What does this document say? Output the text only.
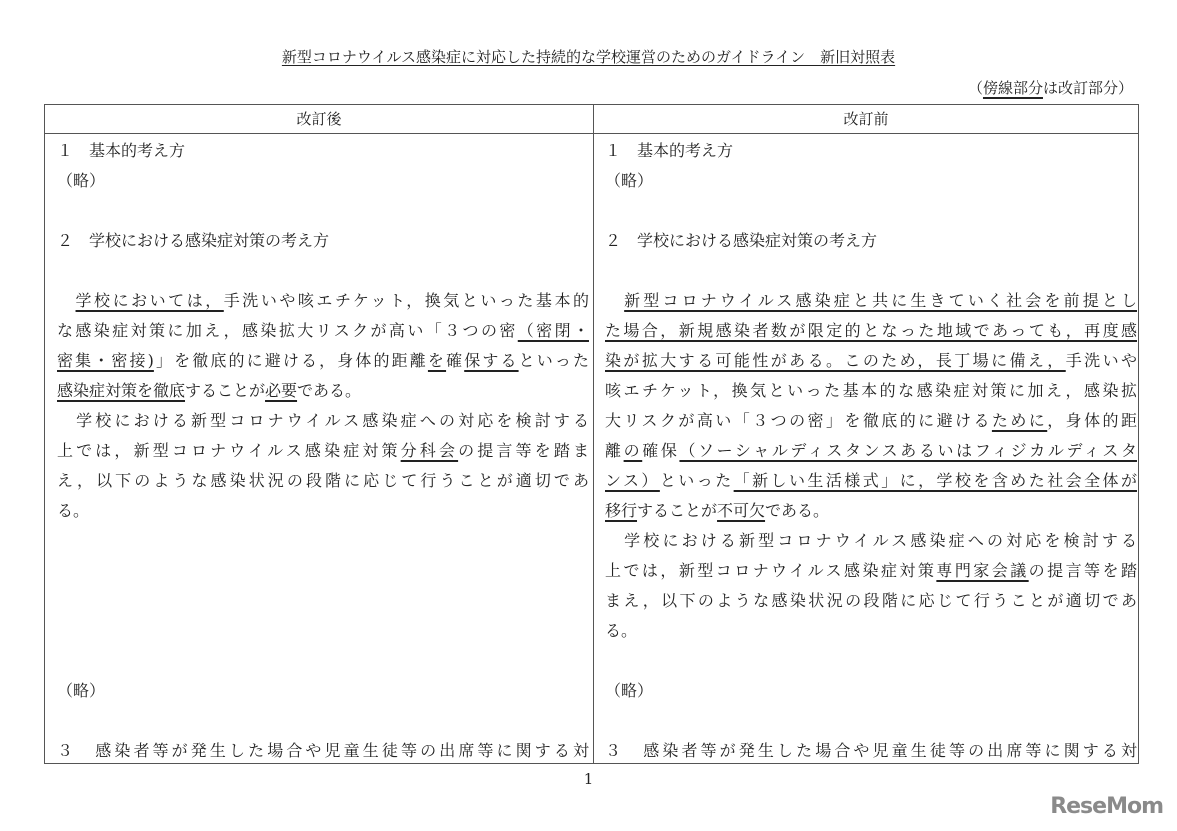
新型コロナウイルス感染症に対応した持続的な学校運営のためのガイドライン　新旧対照表
（傍線部分は改訂部分）
改訂後	改訂前
１　基本的考え方
（略）
２　学校における感染症対策の考え方
　学校においては，手洗いや咳エチケット，換気といった基本的
な感染症対策に加え，感染拡大リスクが高い「３つの密（密閉・
密集・密接)」を徹底的に避ける，身体的距離を確保するといった
感染症対策を徹底することが必要である。
　学校における新型コロナウイルス感染症への対応を検討する
上では，新型コロナウイルス感染症対策分科会の提言等を踏ま
え，以下のような感染状況の段階に応じて行うことが適切であ
る。
（略）
３　感染者等が発生した場合や児童生徒等の出席等に関する対
１　基本的考え方
（略）
２　学校における感染症対策の考え方
　新型コロナウイルス感染症と共に生きていく社会を前提とし
た場合，新規感染者数が限定的となった地域であっても，再度感
染が拡大する可能性がある。このため，長丁場に備え，手洗いや
咳エチケット，換気といった基本的な感染症対策に加え，感染拡
大リスクが高い「３つの密」を徹底的に避けるために，身体的距
離の確保（ソーシャルディスタンスあるいはフィジカルディスタ
ンス）といった「新しい生活様式」に，学校を含めた社会全体が
移行することが不可欠である。
　学校における新型コロナウイルス感染症への対応を検討する
上では，新型コロナウイルス感染症対策専門家会議の提言等を踏
まえ，以下のような感染状況の段階に応じて行うことが適切であ
る。
（略）
３　感染者等が発生した場合や児童生徒等の出席等に関する対
1
ReseMom
